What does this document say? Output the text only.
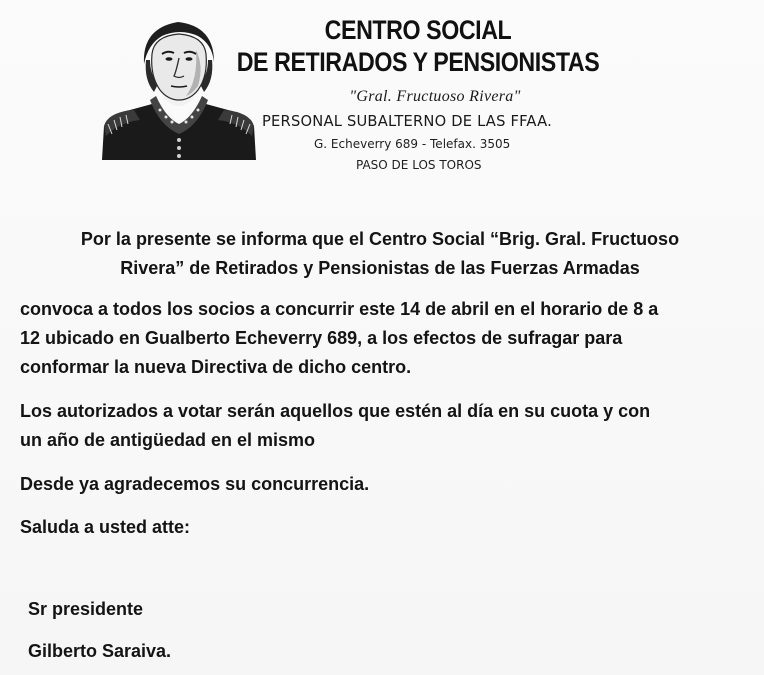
CENTRO SOCIAL
DE RETIRADOS Y PENSIONISTAS
"Gral. Fructuoso Rivera"
PERSONAL SUBALTERNO DE LAS FFAA.
G. Echeverry 689 - Telefax. 3505
PASO DE LOS TOROS
Por la presente se informa que el Centro Social “Brig. Gral. Fructuoso
Rivera” de Retirados y Pensionistas de las Fuerzas Armadas
convoca a todos los socios a concurrir este 14 de abril en el horario de 8 a
12 ubicado en Gualberto Echeverry 689, a los efectos de sufragar para
conformar la nueva Directiva de dicho centro.
Los autorizados a votar serán aquellos que estén al día en su cuota y con
un año de antigüedad en el mismo
Desde ya agradecemos su concurrencia.
Saluda a usted atte:
Sr presidente
Gilberto Saraiva.
